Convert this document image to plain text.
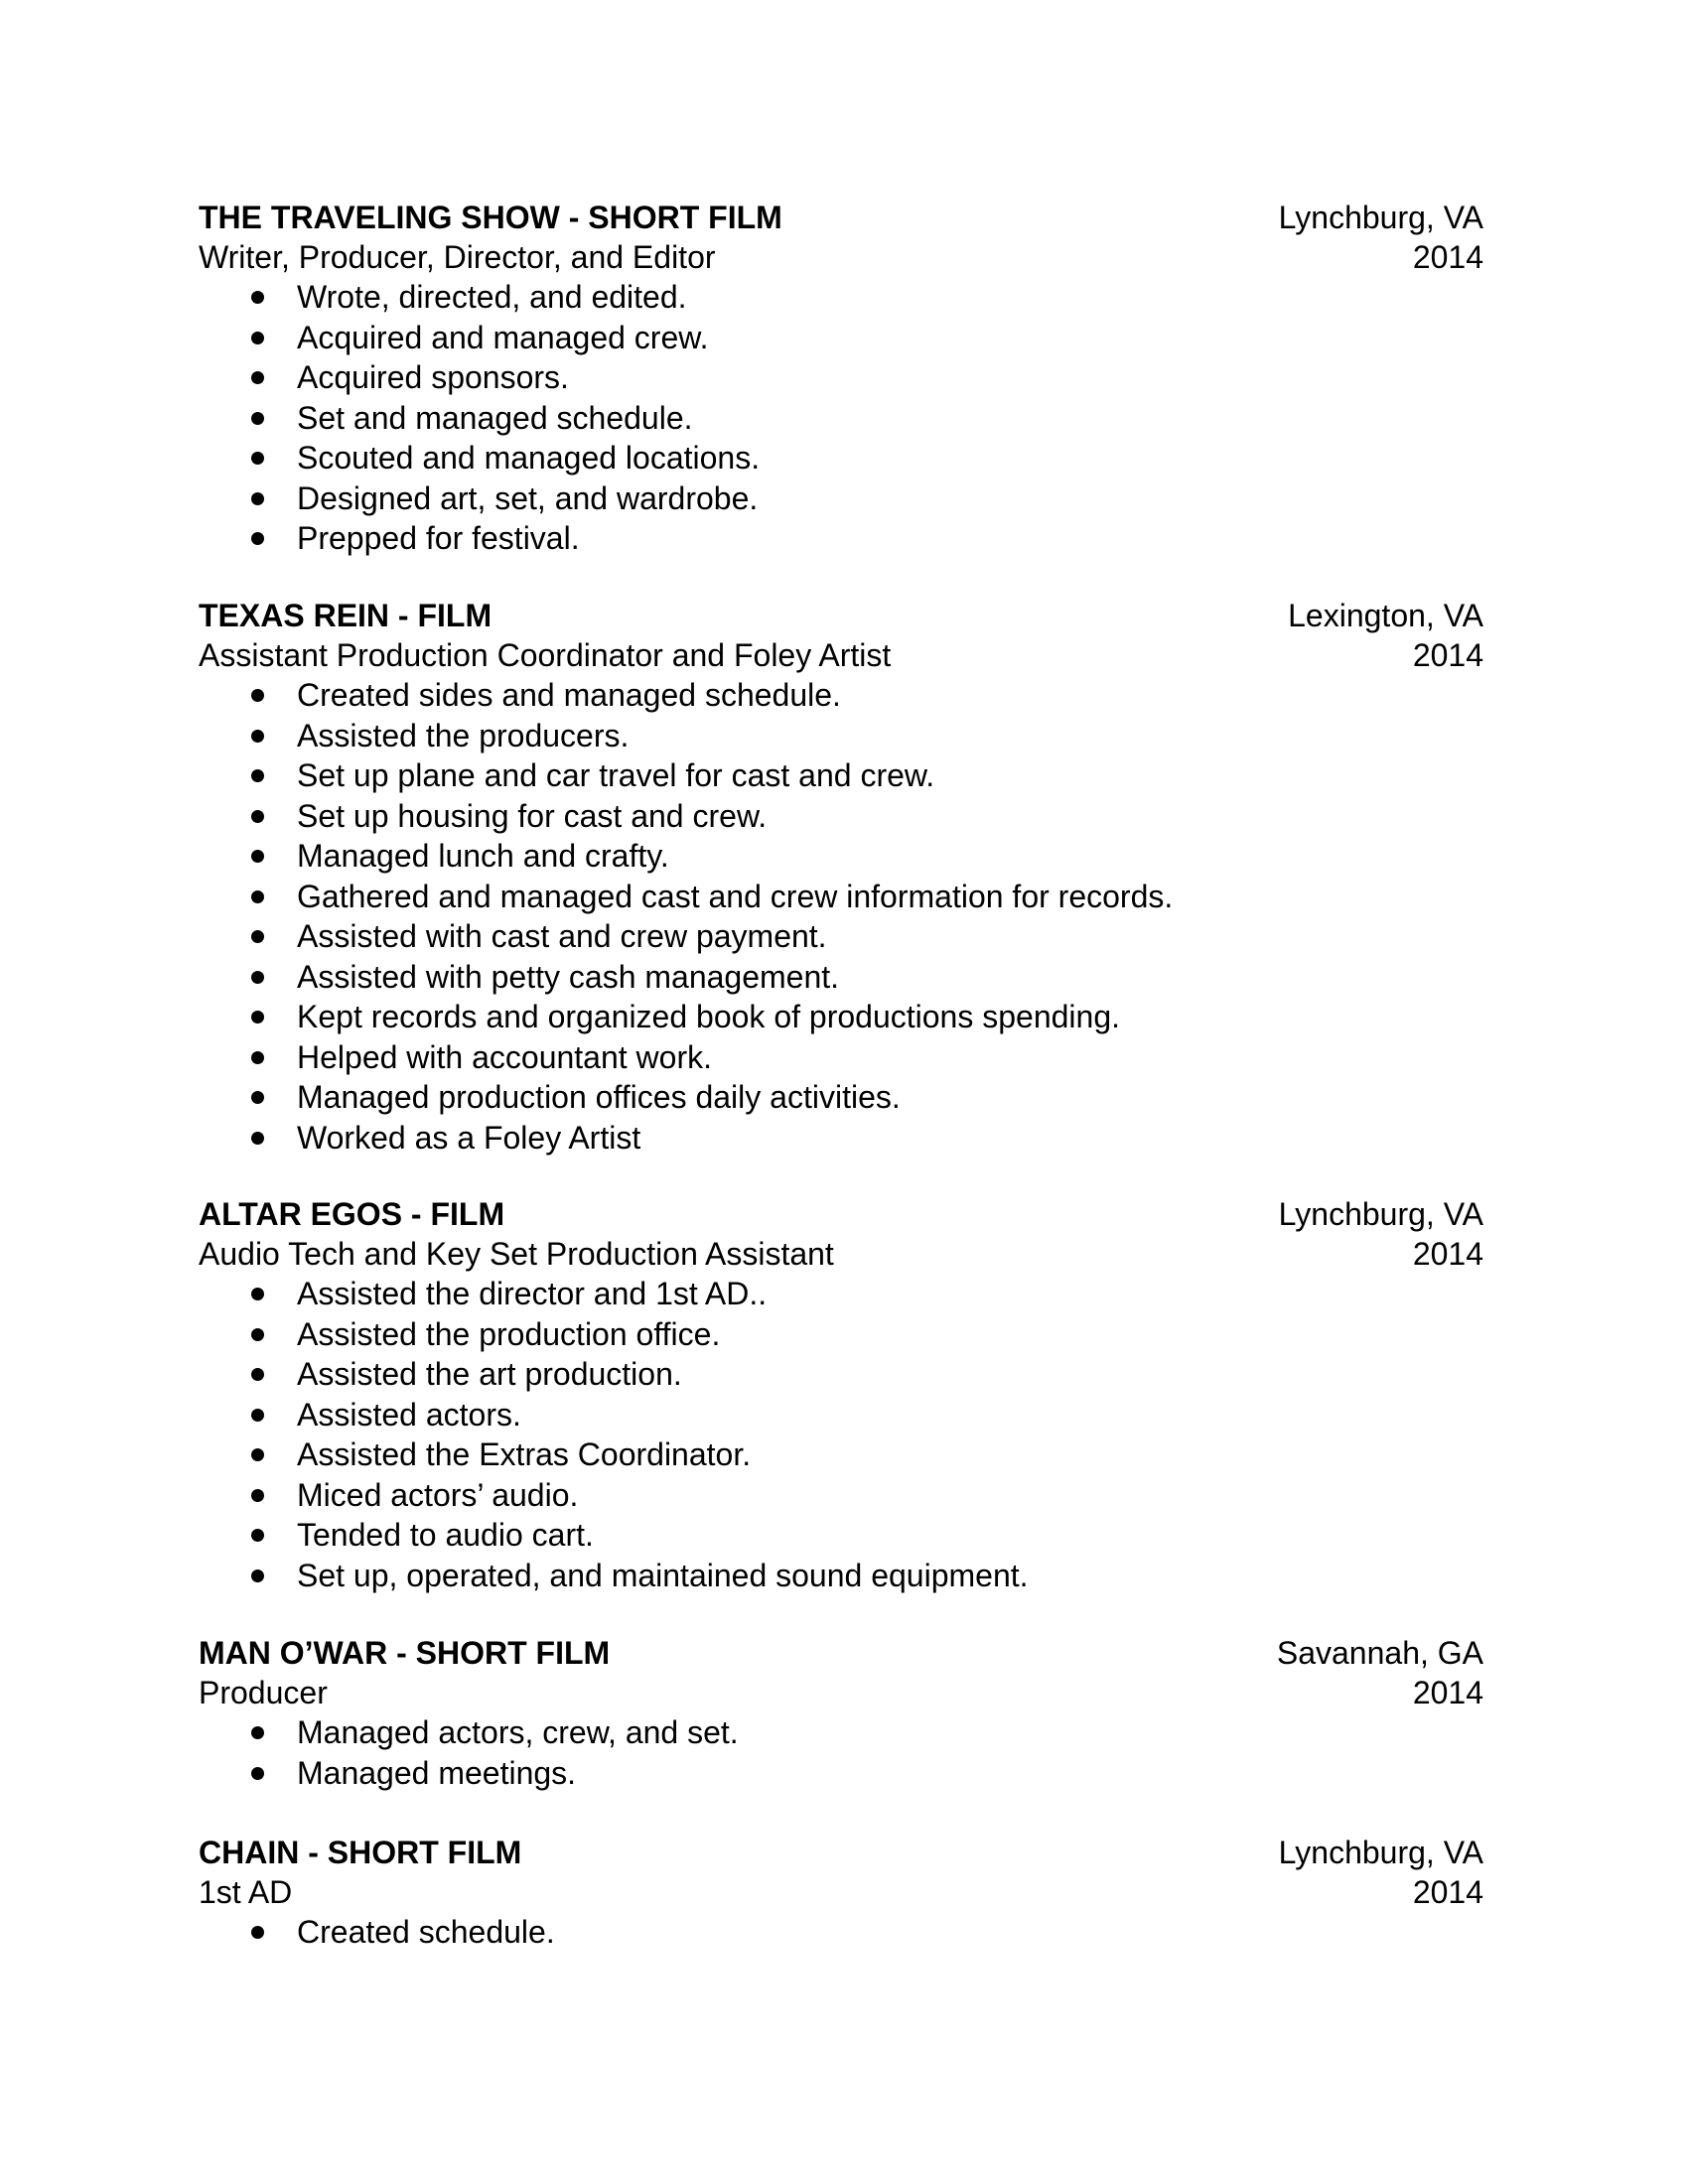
THE TRAVELING SHOW - SHORT FILM	Lynchburg, VA
Writer, Producer, Director, and Editor	2014
Wrote, directed, and edited.
Acquired and managed crew.
Acquired sponsors.
Set and managed schedule.
Scouted and managed locations.
Designed art, set, and wardrobe.
Prepped for festival.
TEXAS REIN - FILM	Lexington, VA
Assistant Production Coordinator and Foley Artist	2014
Created sides and managed schedule.
Assisted the producers.
Set up plane and car travel for cast and crew.
Set up housing for cast and crew.
Managed lunch and crafty.
Gathered and managed cast and crew information for records.
Assisted with cast and crew payment.
Assisted with petty cash management.
Kept records and organized book of productions spending.
Helped with accountant work.
Managed production offices daily activities.
Worked as a Foley Artist
ALTAR EGOS - FILM	Lynchburg, VA
Audio Tech and Key Set Production Assistant	2014
Assisted the director and 1st AD..
Assisted the production office.
Assisted the art production.
Assisted actors.
Assisted the Extras Coordinator.
Miced actors’ audio.
Tended to audio cart.
Set up, operated, and maintained sound equipment.
MAN O’WAR - SHORT FILM	Savannah, GA
Producer	2014
Managed actors, crew, and set.
Managed meetings.
CHAIN - SHORT FILM	Lynchburg, VA
1st AD	2014
Created schedule.
